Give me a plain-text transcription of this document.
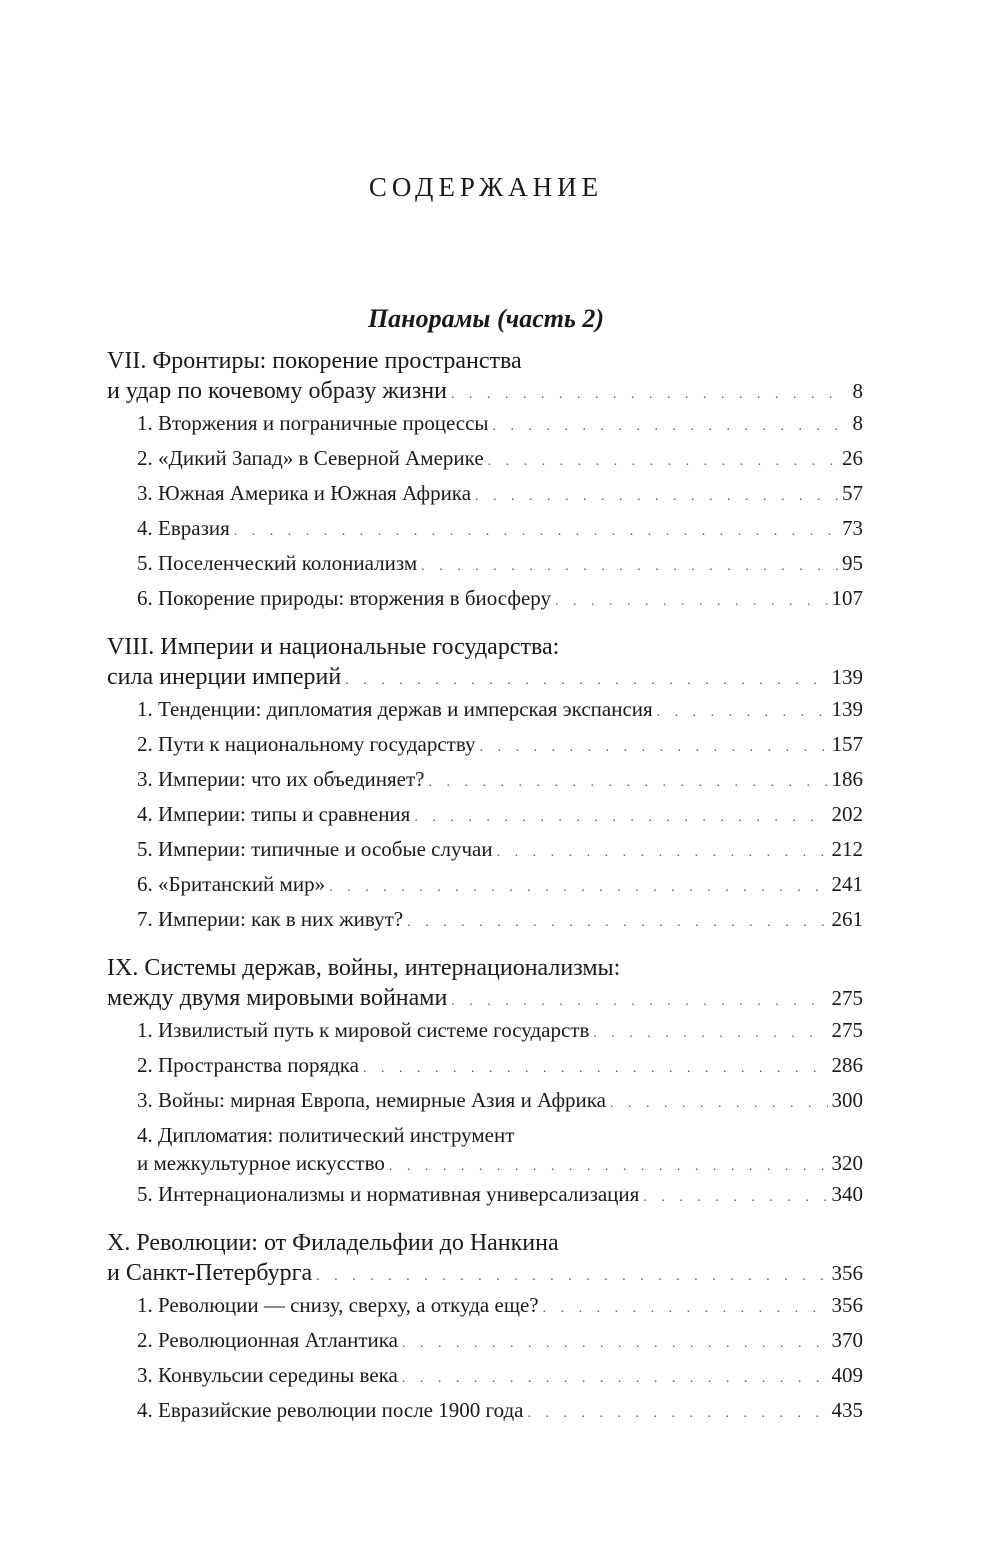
СОДЕРЖАНИЕ
Панорамы (часть 2)
VII. Фронтиры: покорение пространства
и удар по кочевому образу жизни . . .	8
1. Вторжения и пограничные процессы . . .	8
2. «Дикий Запад» в Северной Америке . . .	26
3. Южная Америка и Южная Африка . . .	57
4. Евразия . . .	73
5. Поселенческий колониализм . . .	95
6. Покорение природы: вторжения в биосферу . . .	107
VIII. Империи и национальные государства:
сила инерции империй . . .	139
1. Тенденции: дипломатия держав и имперская экспансия . . .	139
2. Пути к национальному государству . . .	157
3. Империи: что их объединяет? . . .	186
4. Империи: типы и сравнения . . .	202
5. Империи: типичные и особые случаи . . .	212
6. «Британский мир» . . .	241
7. Империи: как в них живут? . . .	261
IX. Системы держав, войны, интернационализмы:
между двумя мировыми войнами . . .	275
1. Извилистый путь к мировой системе государств . . .	275
2. Пространства порядка . . .	286
3. Войны: мирная Европа, немирные Азия и Африка . . .	300
4. Дипломатия: политический инструмент
и межкультурное искусство . . .	320
5. Интернационализмы и нормативная универсализация . . .	340
X. Революции: от Филадельфии до Нанкина
и Санкт-Петербурга . . .	356
1. Революции — снизу, сверху, а откуда еще? . . .	356
2. Революционная Атлантика . . .	370
3. Конвульсии середины века . . .	409
4. Евразийские революции после 1900 года . . .	435
